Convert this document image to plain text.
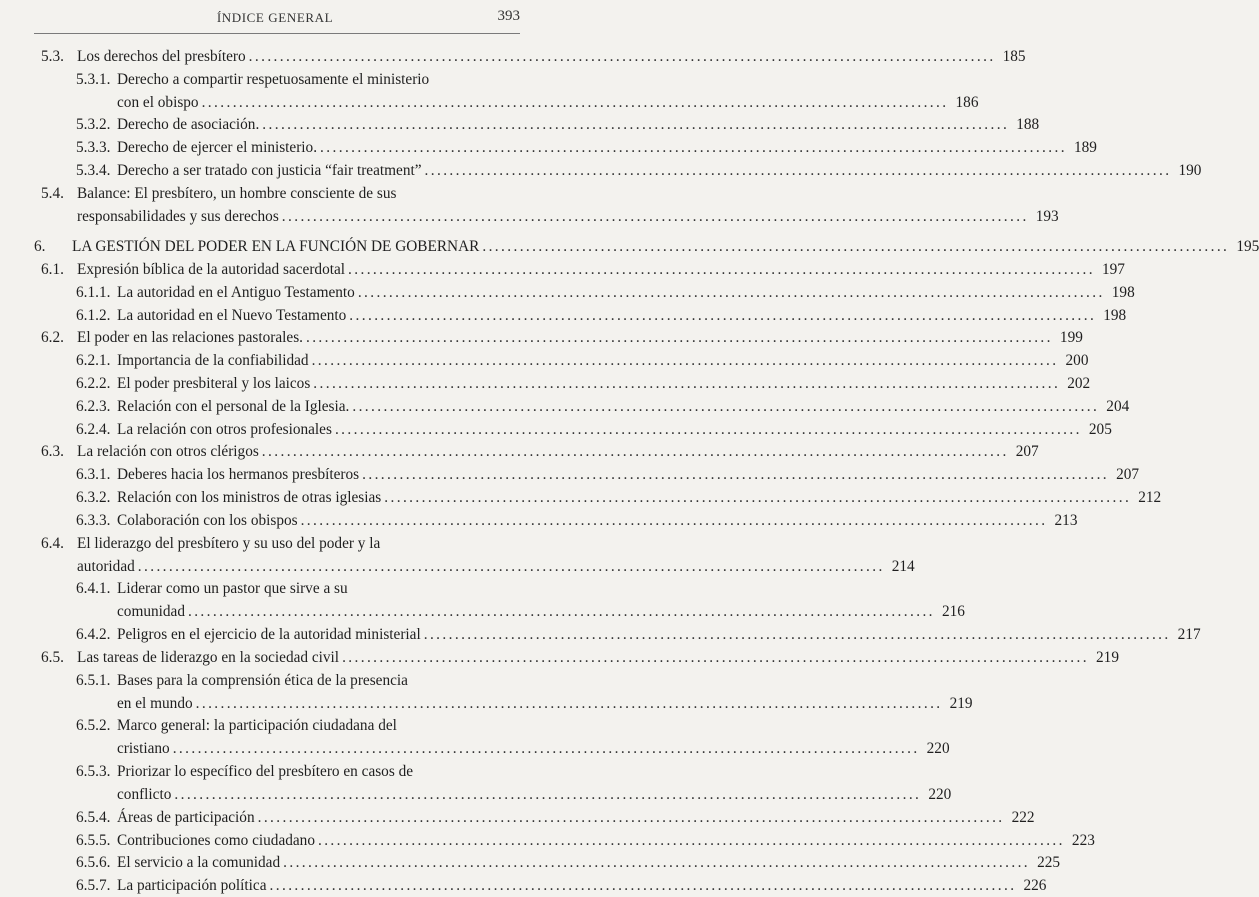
ÍNDICE GENERAL	393
5.3. Los derechos del presbítero ........................................................................................................................ 185
5.3.1. Derecho a compartir respetuosamente el ministerio
con el obispo ........................................................................................................................ 186
5.3.2. Derecho de asociación. ........................................................................................................................ 188
5.3.3. Derecho de ejercer el ministerio. ........................................................................................................................ 189
5.3.4. Derecho a ser tratado con justicia “fair treatment” ........................................................................................................................ 190
5.4. Balance: El presbítero, un hombre consciente de sus
responsabilidades y sus derechos ........................................................................................................................ 193
6.	LA GESTIÓN DEL PODER EN LA FUNCIÓN DE GOBERNAR ........................................................................................................................ 195
6.1. Expresión bíblica de la autoridad sacerdotal ........................................................................................................................ 197
6.1.1. La autoridad en el Antiguo Testamento ........................................................................................................................ 198
6.1.2. La autoridad en el Nuevo Testamento ........................................................................................................................ 198
6.2. El poder en las relaciones pastorales. ........................................................................................................................ 199
6.2.1. Importancia de la confiabilidad ........................................................................................................................ 200
6.2.2. El poder presbiteral y los laicos ........................................................................................................................ 202
6.2.3. Relación con el personal de la Iglesia. ........................................................................................................................ 204
6.2.4. La relación con otros profesionales ........................................................................................................................ 205
6.3. La relación con otros clérigos ........................................................................................................................ 207
6.3.1. Deberes hacia los hermanos presbíteros ........................................................................................................................ 207
6.3.2. Relación con los ministros de otras iglesias ........................................................................................................................ 212
6.3.3. Colaboración con los obispos ........................................................................................................................ 213
6.4. El liderazgo del presbítero y su uso del poder y la
autoridad ........................................................................................................................ 214
6.4.1. Liderar como un pastor que sirve a su
comunidad ........................................................................................................................ 216
6.4.2. Peligros en el ejercicio de la autoridad ministerial ........................................................................................................................ 217
6.5. Las tareas de liderazgo en la sociedad civil ........................................................................................................................ 219
6.5.1. Bases para la comprensión ética de la presencia
en el mundo ........................................................................................................................ 219
6.5.2. Marco general: la participación ciudadana del
cristiano ........................................................................................................................ 220
6.5.3. Priorizar lo específico del presbítero en casos de
conflicto ........................................................................................................................ 220
6.5.4. Áreas de participación ........................................................................................................................ 222
6.5.5. Contribuciones como ciudadano ........................................................................................................................ 223
6.5.6. El servicio a la comunidad ........................................................................................................................ 225
6.5.7. La participación política ........................................................................................................................ 226
